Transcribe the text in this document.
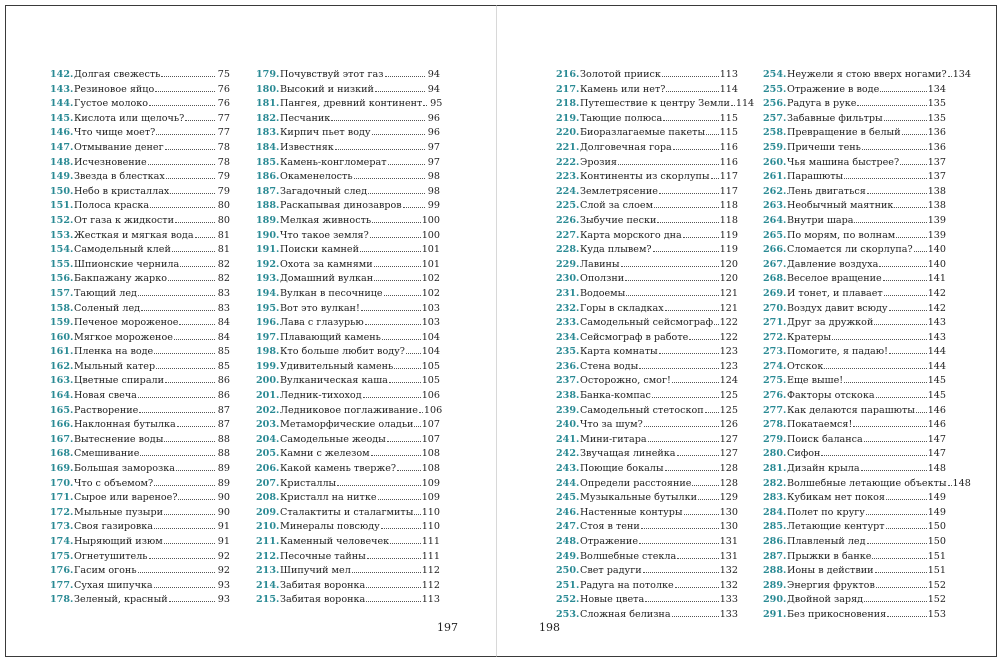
142. Долгая свежесть	75
143. Резиновое яйцо	76
144. Густое молоко	76
145. Кислота или щелочь?	77
146. Что чище моет?	77
147. Отмывание денег	78
148. Исчезновение	78
149. Звезда в блестках	79
150. Небо в кристаллах	79
151. Полоса краска	80
152. От газа к жидкости	80
153. Жесткая и мягкая вода	81
154. Самодельный клей	81
155. Шпионские чернила	82
156. Бакпажану жарко	82
157. Тающий лед	83
158. Соленый лед	83
159. Печеное мороженое	84
160. Мягкое мороженое	84
161. Пленка на воде	85
162. Мыльный катер	85
163. Цветные спирали	86
164. Новая свеча	86
165. Растворение	87
166. Наклонная бутылка	87
167. Вытеснение воды	88
168. Смешивание	88
169. Большая заморозка	89
170. Что с объемом?	89
171. Сырое или вареное?	90
172. Мыльные пузыри	90
173. Своя газировка	91
174. Ныряющий изюм	91
175. Огнетушитель	92
176. Гасим огонь	92
177. Сухая шипучка	93
178. Зеленый, красный	93
179. Почувствуй этот газ	94
180. Высокий и низкий	94
181. Пангея, древний континент 95
182. Песчаник	96
183. Кирпич пьет воду	96
184. Известняк	97
185. Камень-конгломерат	97
186. Окаменелость	98
187. Загадочный след	98
188. Раскапывая динозавров	99
189. Мелкая живность	100
190. Что такое земля?	100
191. Поиски камней	101
192. Охота за камнями	101
193. Домашний вулкан	102
194. Вулкан в песочнице	102
195. Вот это вулкан!	103
196. Лава с глазурью	103
197. Плавающий камень	104
198. Кто больше любит воду? 104
199. Удивительный камень	105
200. Вулканическая каша	105
201. Ледник-тихоход	106
202. Ледниковое поглаживание 106
203. Метаморфические оладьи 107
204. Самодельные жеоды	107
205. Камни с железом	108
206. Какой камень тверже?	108
207. Кристаллы	109
208. Кристалл на нитке	109
209. Сталактиты и сталагмиты 110
210. Минералы повсюду	110
211. Каменный человечек	111
212. Песочные тайны	111
213. Шипучий мел	112
214. Забитая воронка	112
215. Забитая воронка	113
216. Золотой прииск	113
217. Камень или нет?	114
218. Путешествие к центру Земли 114
219. Тающие полюса	115
220. Биоразлагаемые пакеты 115
221. Долговечная гора	116
222. Эрозия	116
223. Континенты из скорлупы 117
224. Землетрясение	117
225. Слой за слоем	118
226. Зыбучие пески	118
227. Карта морского дна	119
228. Куда плывем?	119
229. Лавины	120
230. Оползни	120
231. Водоемы	121
232. Горы в складках	121
233. Самодельный сейсмограф 122
234. Сейсмограф в работе	122
235. Карта комнаты	123
236. Стена воды	123
237. Осторожно, смог!	124
238. Банка-компас	125
239. Самодельный стетоскоп 125
240. Что за шум?	126
241. Мини-гитара	127
242. Звучащая линейка	127
243. Поющие бокалы	128
244. Определи расстояние	128
245. Музыкальные бутылки 129
246. Настенные контуры	130
247. Стоя в тени	130
248. Отражение	131
249. Волшебные стекла	131
250. Свет радуги	132
251. Радуга на потолке	132
252. Новые цвета	133
253. Сложная белизна	133
254. Неужели я стою вверх ногами? 134
255. Отражение в воде	134
256. Радуга в руке	135
257. Забавные фильтры	135
258. Превращение в белый	136
259. Причеши тень	136
260. Чья машина быстрее?	137
261. Парашюты	137
262. Лень двигаться	138
263. Необычный маятник	138
264. Внутри шара	139
265. По морям, по волнам	139
266. Сломается ли скорлупа? 140
267. Давление воздуха	140
268. Веселое вращение	141
269. И тонет, и плавает	142
270. Воздух давит всюду	142
271. Друг за дружкой	143
272. Кратеры	143
273. Помогите, я падаю!	144
274. Отскок	144
275. Еще выше!	145
276. Факторы отскока	145
277. Как делаются парашюты 146
278. Покатаемся!	146
279. Поиск баланса	147
280. Сифон	147
281. Дизайн крыла	148
282. Волшебные летающие объекты 148
283. Кубикам нет покоя	149
284. Полет по кругу	149
285. Летающие кентурт	150
286. Плавленый лед	150
287. Прыжки в банке	151
288. Ионы в действии	151
289. Энергия фруктов	152
290. Двойной заряд	152
291. Без прикосновения	153
197	198
